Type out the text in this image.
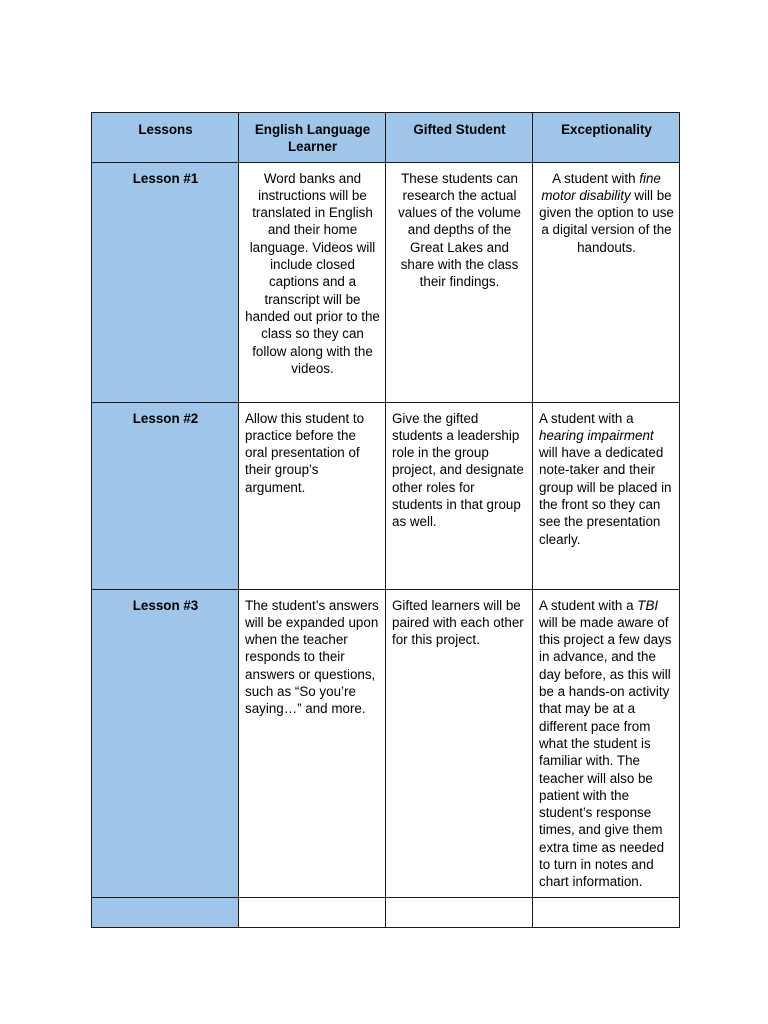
Lessons	English Language Learner	Gifted Student	Exceptionality
Lesson #1	Word banks and instructions will be translated in English and their home language. Videos will include closed captions and a transcript will be handed out prior to the class so they can follow along with the videos.	These students can research the actual values of the volume and depths of the Great Lakes and share with the class their findings.	A student with fine motor disability will be given the option to use a digital version of the handouts.
Lesson #2	Allow this student to practice before the oral presentation of their group’s argument.	Give the gifted students a leadership role in the group project, and designate other roles for students in that group as well.	A student with a hearing impairment will have a dedicated note-taker and their group will be placed in the front so they can see the presentation clearly.
Lesson #3	The student’s answers will be expanded upon when the teacher responds to their answers or questions, such as “So you’re saying…” and more.	Gifted learners will be paired with each other for this project.	A student with a TBI will be made aware of this project a few days in advance, and the day before, as this will be a hands-on activity that may be at a different pace from what the student is familiar with. The teacher will also be patient with the student’s response times, and give them extra time as needed to turn in notes and chart information.
